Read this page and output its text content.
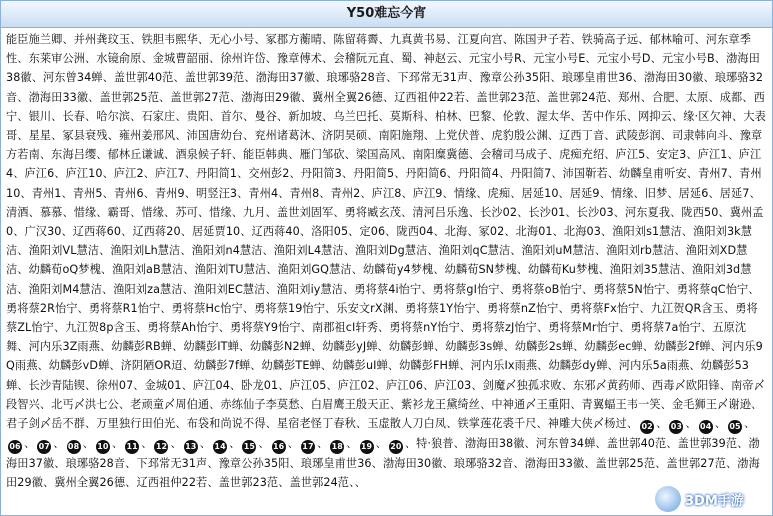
Y50难忘今宵
能臣施兰卿、并州龚玟玉、铁胆韦熙华、无心小号、冢郡方蘅晴、陈留蒋霽、九真黄书易、江夏向宫、陈国尹子若、铁骑高子远、郁林喻可、河东章季性、东莱审公洲、水镜俞原、金城曹韶丽、徐州许岱、豫章傅术、会稽阮元直、蜀、神赵云、元宝小号R、元宝小号E、元宝小号D、元宝小号B、渤海田38徽、河东曾34蝉、盖世郭40范、盖世郭39范、渤海田37徽、琅琊骆28音、下邳常无31声、豫章公孙35阳、琅琊皇甫世36、渤海田30徽、琅琊骆32音、渤海田33徽、盖世郭25范、盖世郭27范、渤海田29徽、冀州全翼26德、辽西祖仲22若、盖世郭23范、盖世郭24范、郑州、合肥、太原、成都、西宁、银川、长春、哈尔滨、石家庄、贵阳、首尔、曼谷、新加坡、乌兰巴托、莫斯科、柏林、巴黎、伦敦、渥太华、苦中作乐、网抑云、缘·区欠神、大表哥、星星、冢县衰残、雍州姜邢风、沛国唐幼台、兖州诸葛沐、济阴昊硕、南阳施翔、上党伏普、虎豹殷公渊、辽西丁音、武陵彭润、司隶韩向斗、豫章方若南、东海吕缨、郁林丘谦诚、酒泉候子轩、能臣韩典、雁门邹砍、梁国高风、南阳糜冀德、会稽司马成子、虎痴充绍、庐江5、安定3、庐江1、庐江4、庐江6、庐江10、庐江2、庐江7、丹阳简1、交州彭2、丹阳简3、丹阳简5、丹阳简6、丹阳简4、丹阳简7、沛国靳若、幼麟皇甫听安、青州7、青州10、青州1、青州5、青州6、青州9、明竖汪3、青州4、青州8、青州2、庐江8、庐江9、情缘、虎痴、居延10、居延9、情缘、旧梦、居延6、居延7、清酒、慕慕、惜缘、霸哥、惜缘、苏可、惜缘、九月、盖世刘固军、勇将臧玄茂、清河吕乐逸、长沙02、长沙01、长沙03、河东夏我、陇西50、冀州孟0、广汉30、辽西蒋60、辽西蒋20、居延贾10、辽西蒋40、洛阳05、定06、陇西04、北海、冢02、北海01、北海03、渔阳刘s1慧洁、渔阳刘3k慧洁、渔阳刘VL慧洁、渔阳刘Lh慧洁、渔阳刘n4慧洁、渔阳刘L4慧洁、渔阳刘Dg慧洁、渔阳刘qC慧洁、渔阳刘uM慧洁、渔阳刘rb慧洁、渔阳刘XD慧洁、幼麟荀oQ梦槐、渔阳刘aB慧洁、渔阳刘TU慧洁、渔阳刘GQ慧洁、幼麟荀y4梦槐、幼麟荀SN梦槐、幼麟荀Ku梦槐、渔阳刘35慧洁、渔阳刘3d慧洁、渔阳刘M4慧洁、渔阳刘za慧洁、渔阳刘EC慧洁、渔阳刘iy慧洁、勇将蔡4i怡宁、勇将蔡gI怡宁、勇将蔡oB怡宁、勇将蔡5N怡宁、勇将蔡qC怡宁、勇将蔡2R怡宁、勇将蔡R1怡宁、勇将蔡Hc怡宁、勇将蔡19怡宁、乐安文rX渊、勇将蔡1Y怡宁、勇将蔡nZ怡宁、勇将蔡Fx怡宁、九江贺QR含玉、勇将蔡ZL怡宁、九江贺8p含玉、勇将蔡Ah怡宁、勇将蔡Y9怡宁、南郡祖cI轩秀、勇将蔡nY怡宁、勇将蔡zJ怡宁、勇将蔡Mr怡宁、勇将蔡7a怡宁、五原沈舞、河内乐3Z雨燕、幼麟彭RB蝉、幼麟彭IT蝉、幼麟彭N2蝉、幼麟彭yJ蝉、幼麟彭蝉、幼麟彭3s蝉、幼麟彭2s蝉、幼麟彭ec蝉、幼麟彭2f蝉、河内乐9Q雨燕、幼麟彭vD蝉、济阴陋OR迢、幼麟彭7f蝉、幼麟彭TE蝉、幼麟彭uI蝉、幼麟彭FH蝉、河内乐Ix雨燕、幼麟彭dy蝉、河内乐5a雨燕、幼麟彭53蝉、长沙青陆锲、徐州07、金城01、庐江04、卧龙01、庐江05、庐江02、庐江06、庐江03、剑魔〆独孤求败、东邪〆黄药师、西毒〆欧阳锋、南帝〆段智兴、北丐〆洪七公、老顽童〆周伯通、赤练仙子李莫愁、白眉鹰王殷天正、紫衫龙王黛绮丝、中神通〆王重阳、青翼蝠王韦一笑、金毛狮王〆谢逊、君子剑〆岳不群、万里独行田伯光、布袋和尚说不得、星宿老怪丁春秋、玉虚散人刀白凤、铁掌莲花裘千尺、神雕大侠〆杨过、 02 、 03 、 04 、 05 、06 、 07 、 08 、 10 、 11 、 12 、 13 、 14 、 15 、 16 、 17 、 18 、 19 、 20 、特·狼普、渤海田38徽、河东曾34蝉、盖世郭40范、盖世郭39范、渤海田37徽、琅琊骆28音、下邳常无31声、豫章公孙35阳、琅琊皇甫世36、渤海田30徽、琅琊骆32音、渤海田33徽、盖世郭25范、盖世郭27范、渤海田29徽、冀州全翼26德、辽西祖仲22若、盖世郭23范、盖世郭24范、、
3DM手游
